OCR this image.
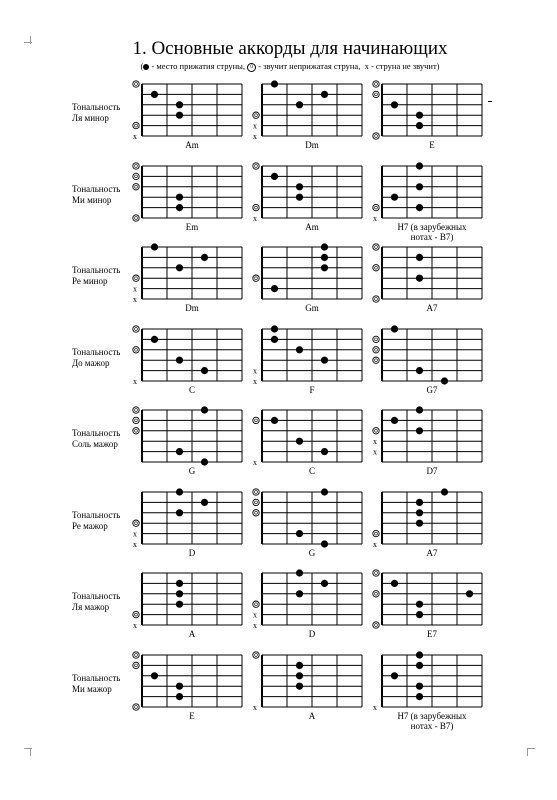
1. Основные аккорды для начинающих
( - место прижатия струны, 0 - звучит неприжатая струна, x - струна не звучит)
Тональность
Ля минор
x
Am
x
x
Dm	E
Тональность
Ми минор
Em
x
Am
x
H7 (в зарубежных
нотах - B7)
Тональность
Ре минор
x
x
Dm	Gm	A7
Тональность
До мажор
x
C
x
x
F	G7
Тональность
Соль мажор
G
x
C
x
x
D7
Тональность
Ре мажор
x
x
D	G
x
A7
Тональность
Ля мажор
x
A
x
x
D	E7
Тональность
Ми мажор
E
x
A
x
H7 (в зарубежных
нотах - B7)
